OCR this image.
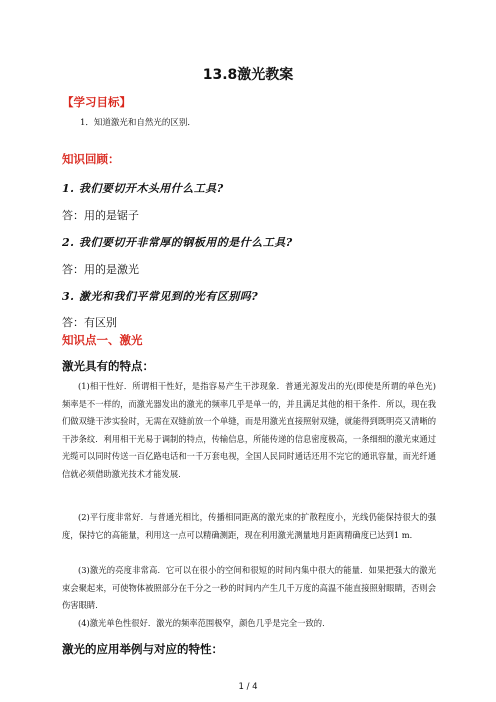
13.8激光教案
【学习目标】
1．知道激光和自然光的区别．
知识回顾：
1. 我们要切开木头用什么工具?
答：用的是锯子
2. 我们要切开非常厚的钢板用的是什么工具?
答：用的是激光
3. 激光和我们平常见到的光有区别吗?
答：有区别
知识点一、激光
激光具有的特点：

(1)相干性好．所谓相干性好，是指容易产生干涉现象．普通光源发出的光(即使是所谓的单色光)频率是不一样的，而激光器发出的激光的频率几乎是单一的，并且满足其他的相干条件．所以，现在我们做双缝干涉实验时，无需在双缝前放一个单缝，而是用激光直接照射双缝，就能得到既明亮又清晰的干涉条纹．利用相干光易于调制的特点，传输信息，所能传递的信息密度极高，一条细细的激光束通过光缆可以同时传送一百亿路电话和一千万套电视，全国人民同时通话还用不完它的通讯容量，而光纤通信就必须借助激光技术才能发展．

(2)平行度非常好．与普通光相比，传播相同距离的激光束的扩散程度小，光线仍能保持很大的强度，保持它的高能量，利用这一点可以精确测距，现在利用激光测量地月距离精确度已达到1 m．

(3)激光的亮度非常高．它可以在很小的空间和很短的时间内集中很大的能量．如果把强大的激光束会聚起来，可使物体被照部分在千分之一秒的时间内产生几千万度的高温不能直接照射眼睛，否则会伤害眼睛．

(4)激光单色性很好．激光的频率范围极窄，颜色几乎是完全一致的．

激光的应用举例与对应的特性：
1 / 4
